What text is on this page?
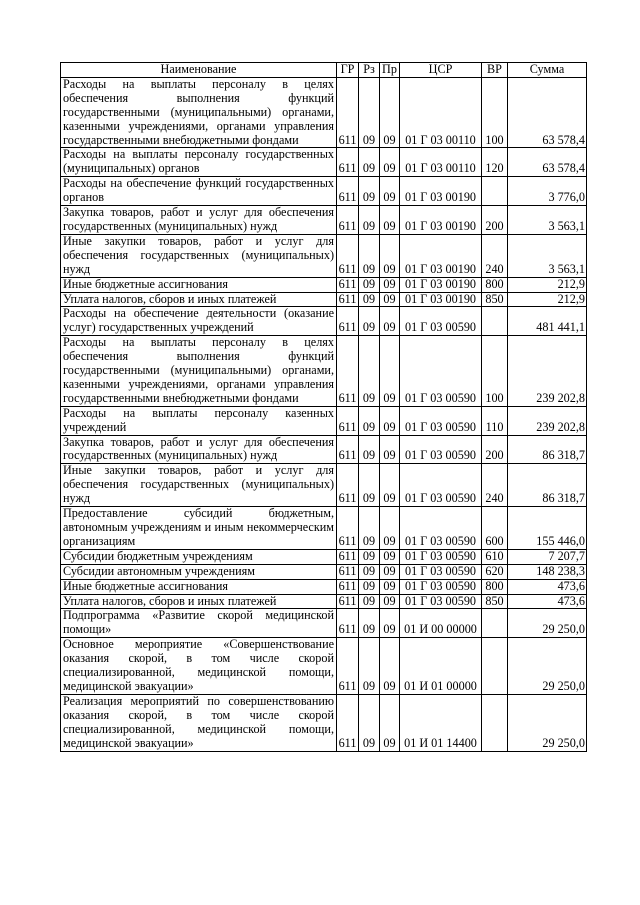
Наименование	ГР	Рз	Пр	ЦСР	ВР	Сумма
Расходы на выплаты персоналу в целях обеспечения выполнения функций государственными (муниципальными) органами, казенными учреждениями, органами управления государственными внебюджетными фондами	611	09	09	01 Г 03 00110	100	63 578,4
Расходы на выплаты персоналу государственных (муниципальных) органов	611	09	09	01 Г 03 00110	120	63 578,4
Расходы на обеспечение функций государственных органов	611	09	09	01 Г 03 00190		3 776,0
Закупка товаров, работ и услуг для обеспечения государственных (муниципальных) нужд	611	09	09	01 Г 03 00190	200	3 563,1
Иные закупки товаров, работ и услуг для обеспечения государственных (муниципальных) нужд	611	09	09	01 Г 03 00190	240	3 563,1
Иные бюджетные ассигнования	611	09	09	01 Г 03 00190	800	212,9
Уплата налогов, сборов и иных платежей	611	09	09	01 Г 03 00190	850	212,9
Расходы на обеспечение деятельности (оказание услуг) государственных учреждений	611	09	09	01 Г 03 00590		481 441,1
Расходы на выплаты персоналу в целях обеспечения выполнения функций государственными (муниципальными) органами, казенными учреждениями, органами управления государственными внебюджетными фондами	611	09	09	01 Г 03 00590	100	239 202,8
Расходы на выплаты персоналу казенных учреждений	611	09	09	01 Г 03 00590	110	239 202,8
Закупка товаров, работ и услуг для обеспечения государственных (муниципальных) нужд	611	09	09	01 Г 03 00590	200	86 318,7
Иные закупки товаров, работ и услуг для обеспечения государственных (муниципальных) нужд	611	09	09	01 Г 03 00590	240	86 318,7
Предоставление субсидий бюджетным, автономным учреждениям и иным некоммерческим организациям	611	09	09	01 Г 03 00590	600	155 446,0
Субсидии бюджетным учреждениям	611	09	09	01 Г 03 00590	610	7 207,7
Субсидии автономным учреждениям	611	09	09	01 Г 03 00590	620	148 238,3
Иные бюджетные ассигнования	611	09	09	01 Г 03 00590	800	473,6
Уплата налогов, сборов и иных платежей	611	09	09	01 Г 03 00590	850	473,6
Подпрограмма «Развитие скорой медицинской помощи»	611	09	09	01 И 00 00000		29 250,0
Основное мероприятие «Совершенствование оказания скорой, в том числе скорой специализированной, медицинской помощи, медицинской эвакуации»	611	09	09	01 И 01 00000		29 250,0
Реализация мероприятий по совершенствованию оказания скорой, в том числе скорой специализированной, медицинской помощи, медицинской эвакуации»	611	09	09	01 И 01 14400		29 250,0
